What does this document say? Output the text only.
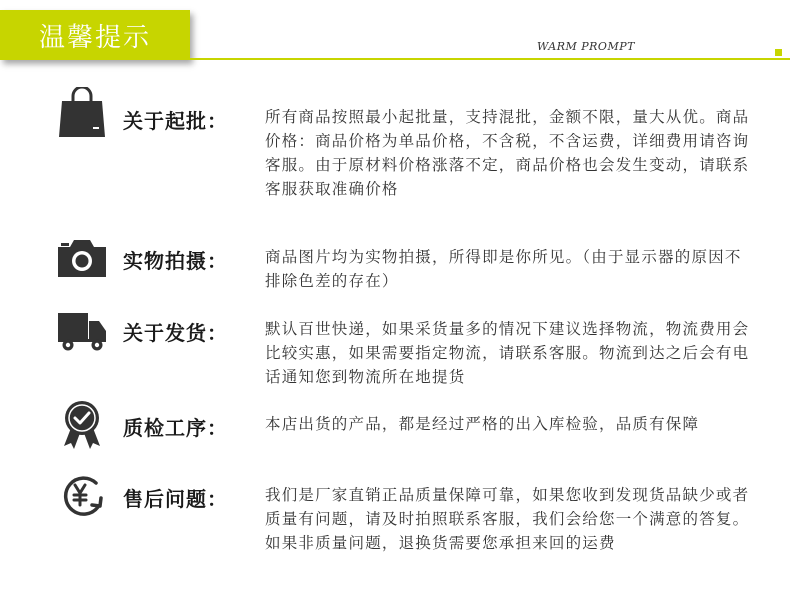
温馨提示	WARM PROMPT
关于起批： 所有商品按照最小起批量，支持混批，金额不限，量大从优。商品价格：商品价格为单品价格，不含税，不含运费，详细费用请咨询客服。由于原材料价格涨落不定，商品价格也会发生变动，请联系客服获取准确价格
实物拍摄： 商品图片均为实物拍摄，所得即是你所见。（由于显示器的原因不排除色差的存在）
关于发货： 默认百世快递，如果采货量多的情况下建议选择物流，物流费用会比较实惠，如果需要指定物流，请联系客服。物流到达之后会有电话通知您到物流所在地提货
质检工序： 本店出货的产品，都是经过严格的出入库检验，品质有保障
售后问题： 我们是厂家直销正品质量保障可靠，如果您收到发现货品缺少或者质量有问题，请及时拍照联系客服，我们会给您一个满意的答复。如果非质量问题，退换货需要您承担来回的运费
